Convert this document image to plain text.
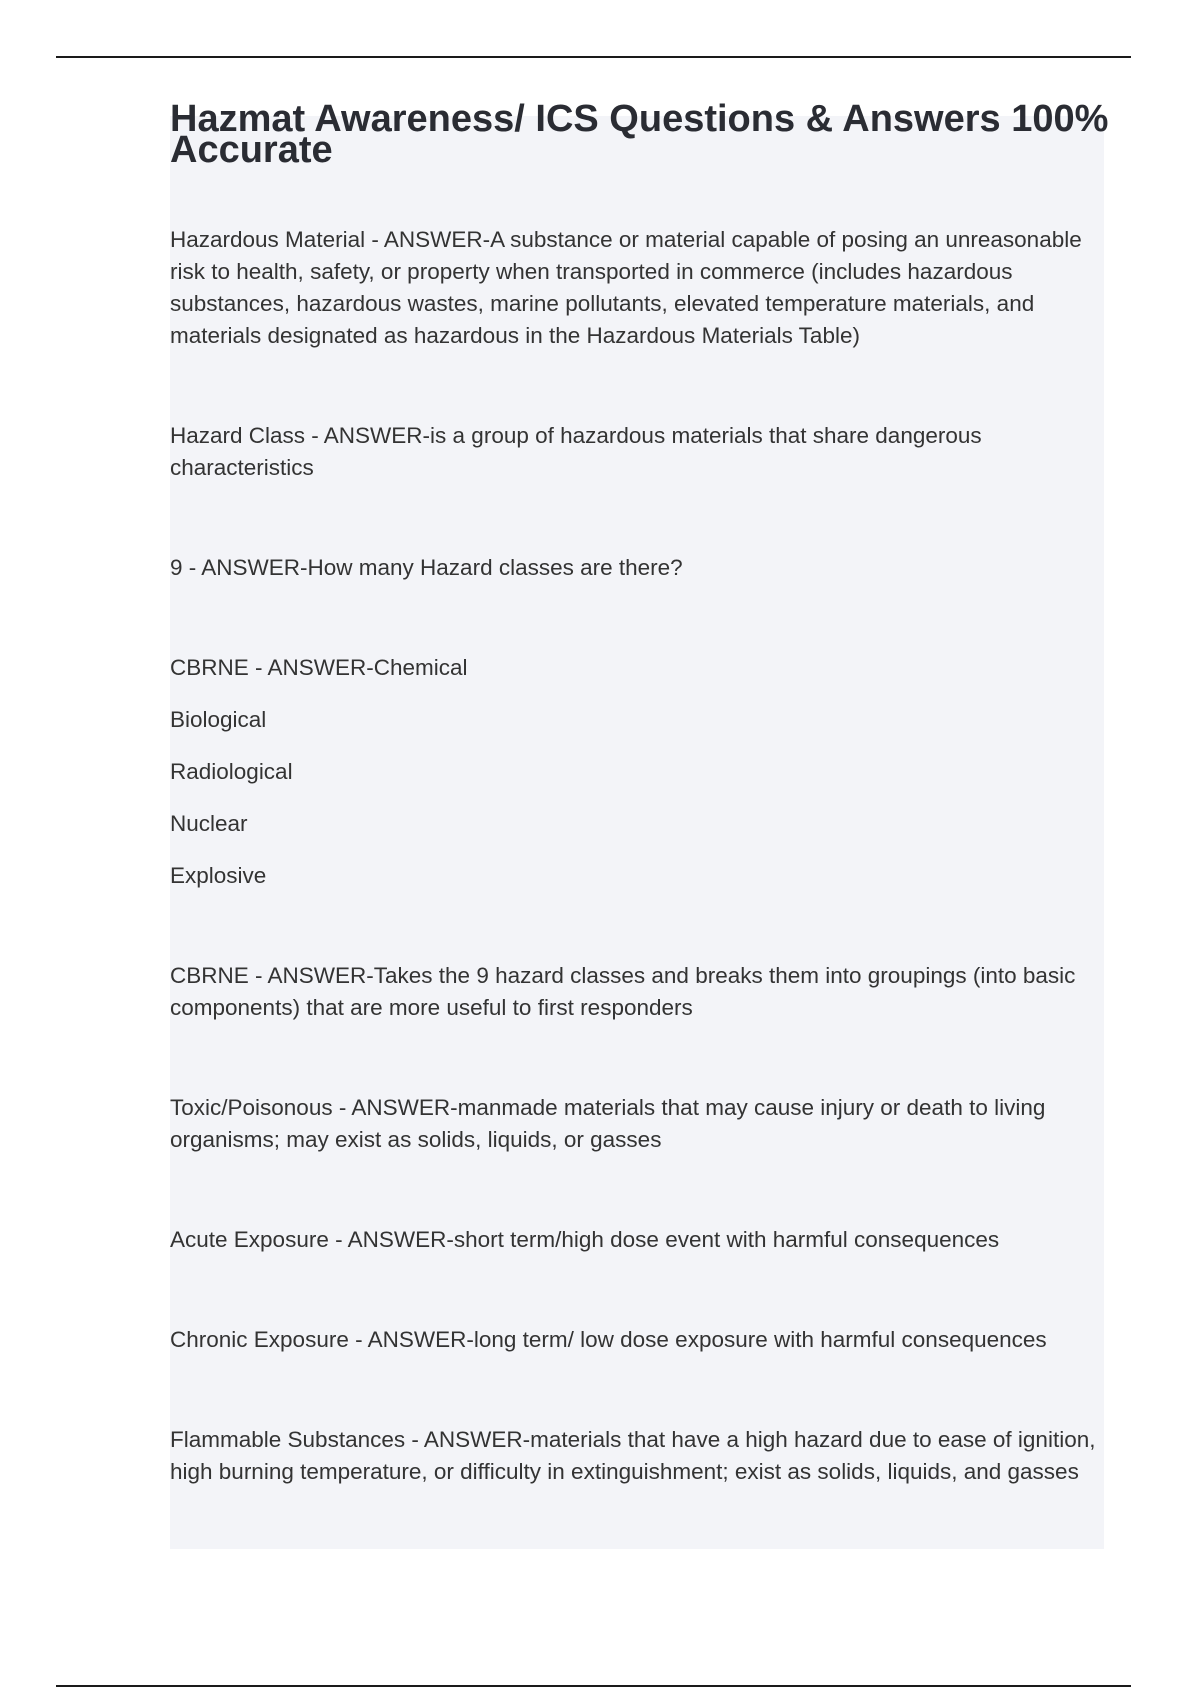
Hazmat Awareness/ ICS Questions & Answers 100% Accurate

Hazardous Material - ANSWER-A substance or material capable of posing an unreasonable risk to health, safety, or property when transported in commerce (includes hazardous substances, hazardous wastes, marine pollutants, elevated temperature materials, and materials designated as hazardous in the Hazardous Materials Table)

Hazard Class - ANSWER-is a group of hazardous materials that share dangerous characteristics

9 - ANSWER-How many Hazard classes are there?

CBRNE - ANSWER-Chemical
Biological
Radiological
Nuclear
Explosive

CBRNE - ANSWER-Takes the 9 hazard classes and breaks them into groupings (into basic components) that are more useful to first responders

Toxic/Poisonous - ANSWER-manmade materials that may cause injury or death to living organisms; may exist as solids, liquids, or gasses

Acute Exposure - ANSWER-short term/high dose event with harmful consequences

Chronic Exposure - ANSWER-long term/ low dose exposure with harmful consequences

Flammable Substances - ANSWER-materials that have a high hazard due to ease of ignition, high burning temperature, or difficulty in extinguishment; exist as solids, liquids, and gasses
